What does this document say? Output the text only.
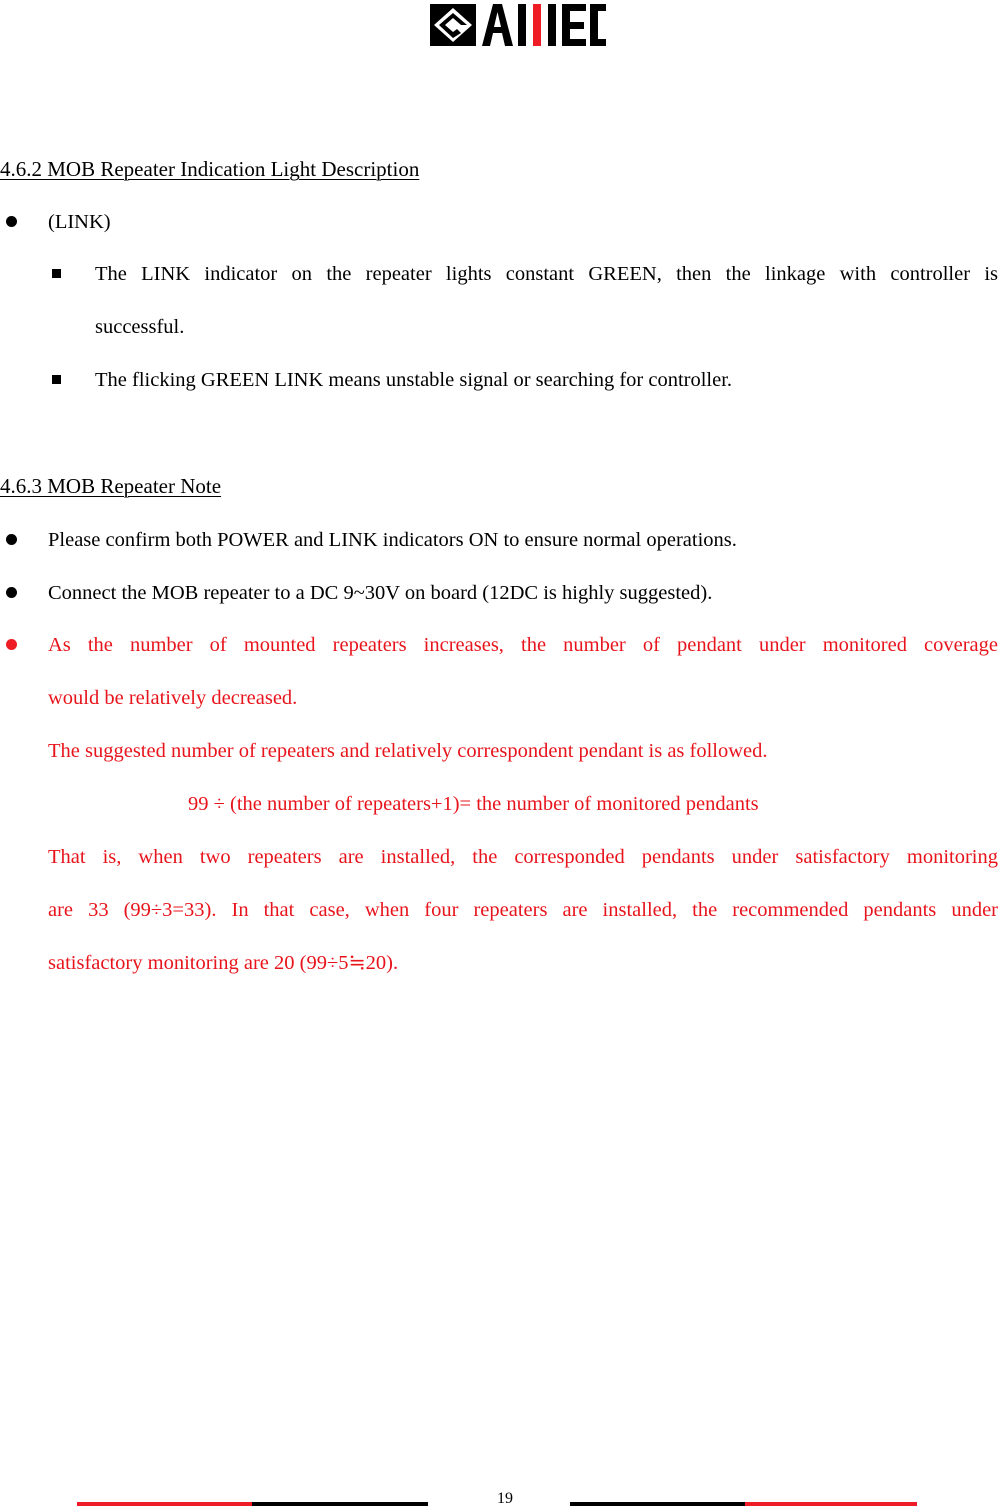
4.6.2 MOB Repeater Indication Light Description
(LINK)
The LINK indicator on the repeater lights constant GREEN, then the linkage with controller is
successful.
The flicking GREEN LINK means unstable signal or searching for controller.
4.6.3 MOB Repeater Note
Please confirm both POWER and LINK indicators ON to ensure normal operations.
Connect the MOB repeater to a DC 9~30V on board (12DC is highly suggested).
As the number of mounted repeaters increases, the number of pendant under monitored coverage
would be relatively decreased.
The suggested number of repeaters and relatively correspondent pendant is as followed.
99 ÷ (the number of repeaters+1)= the number of monitored pendants
That is, when two repeaters are installed, the corresponded pendants under satisfactory monitoring
are 33 (99÷3=33). In that case, when four repeaters are installed, the recommended pendants under
satisfactory monitoring are 20 (99÷5≒20).
19
